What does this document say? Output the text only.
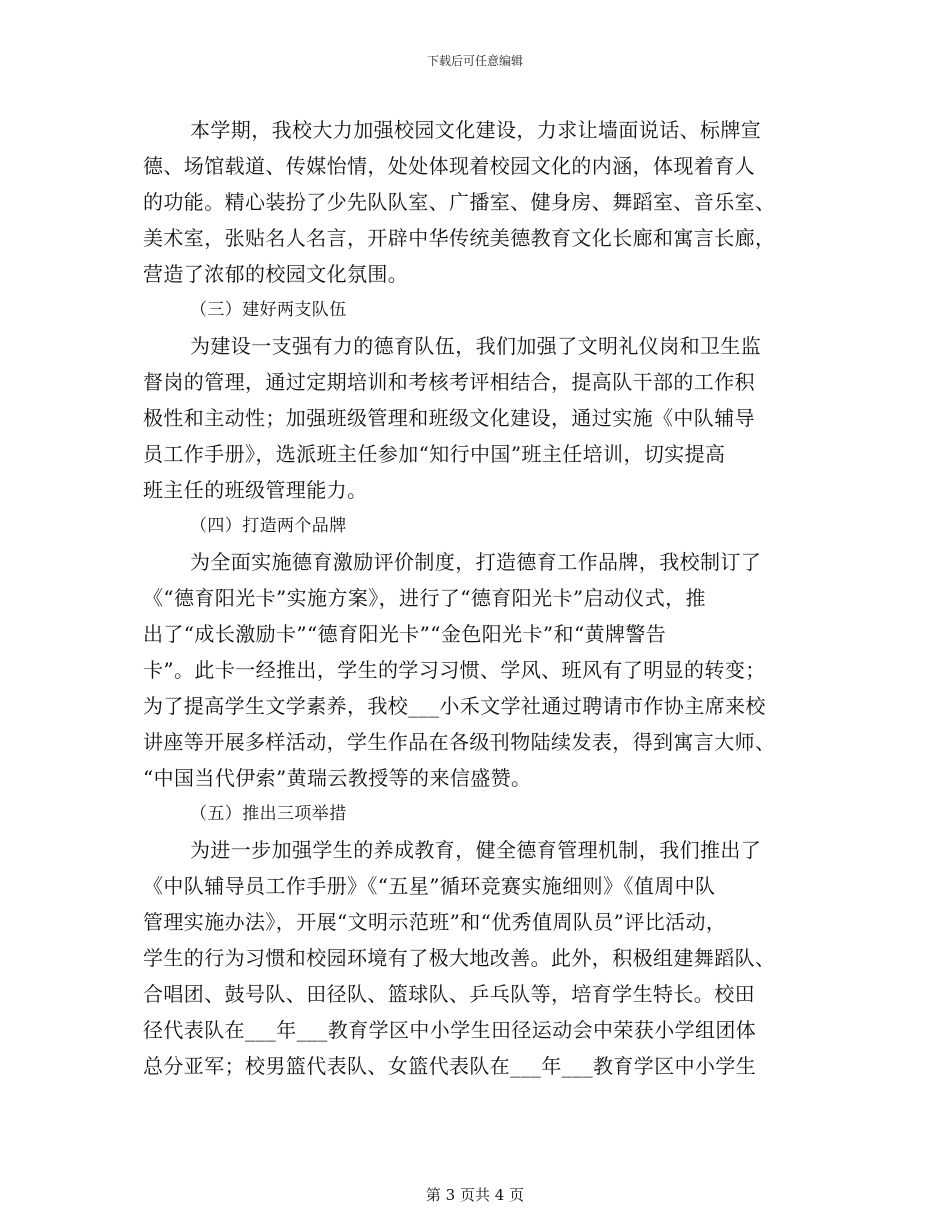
下载后可任意编辑
本学期，我校大力加强校园文化建设，力求让墙面说话、标牌宣
德、场馆载道、传媒怡情，处处体现着校园文化的内涵，体现着育人
的功能。精心装扮了少先队队室、广播室、健身房、舞蹈室、音乐室、
美术室，张贴名人名言，开辟中华传统美德教育文化长廊和寓言长廊，
营造了浓郁的校园文化氛围。
（三）建好两支队伍
为建设一支强有力的德育队伍，我们加强了文明礼仪岗和卫生监
督岗的管理，通过定期培训和考核考评相结合，提高队干部的工作积
极性和主动性；加强班级管理和班级文化建设，通过实施《中队辅导
员工作手册》，选派班主任参加“知行中国”班主任培训，切实提高
班主任的班级管理能力。
（四）打造两个品牌
为全面实施德育激励评价制度，打造德育工作品牌，我校制订了
《“德育阳光卡”实施方案》，进行了“德育阳光卡”启动仪式，推
出了“成长激励卡”“德育阳光卡”“金色阳光卡”和“黄牌警告
卡”。此卡一经推出，学生的学习习惯、学风、班风有了明显的转变；
为了提高学生文学素养，我校___小禾文学社通过聘请市作协主席来校
讲座等开展多样活动，学生作品在各级刊物陆续发表，得到寓言大师、
“中国当代伊索”黄瑞云教授等的来信盛赞。
（五）推出三项举措
为进一步加强学生的养成教育，健全德育管理机制，我们推出了
《中队辅导员工作手册》《“五星”循环竞赛实施细则》《值周中队
管理实施办法》，开展“文明示范班”和“优秀值周队员”评比活动，
学生的行为习惯和校园环境有了极大地改善。此外，积极组建舞蹈队、
合唱团、鼓号队、田径队、篮球队、乒乓队等，培育学生特长。校田
径代表队在___年___教育学区中小学生田径运动会中荣获小学组团体
总分亚军；校男篮代表队、女篮代表队在___年___教育学区中小学生
第 3 页共 4 页
